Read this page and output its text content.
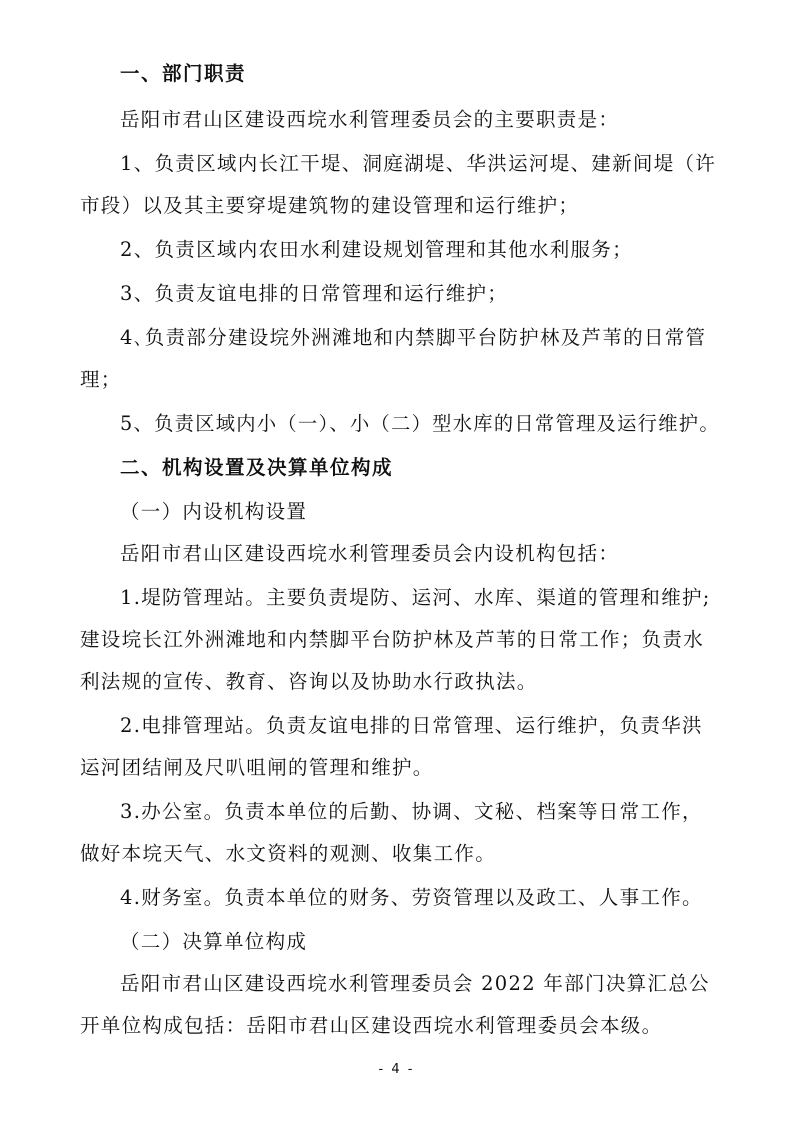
一、部门职责
岳阳市君山区建设西垸水利管理委员会的主要职责是：
1、负责区域内长江干堤、洞庭湖堤、华洪运河堤、建新间堤（许
市段）以及其主要穿堤建筑物的建设管理和运行维护；
2、负责区域内农田水利建设规划管理和其他水利服务；
3、负责友谊电排的日常管理和运行维护；
4､负责部分建设垸外洲滩地和内禁脚平台防护林及芦苇的日常管
理；
5、负责区域内小（一）、小（二）型水库的日常管理及运行维护。
二、机构设置及决算单位构成
（一）内设机构设置
岳阳市君山区建设西垸水利管理委员会内设机构包括：
1.堤防管理站。主要负责堤防、运河、水库、渠道的管理和维护;
建设垸长江外洲滩地和内禁脚平台防护林及芦苇的日常工作；负责水
利法规的宣传、教育、咨询以及协助水行政执法。
2.电排管理站。负责友谊电排的日常管理、运行维护，负责华洪
运河团结闸及尺叭咀闸的管理和维护。
3.办公室。负责本单位的后勤、协调、文秘、档案等日常工作，
做好本垸天气、水文资料的观测、收集工作。
4.财务室。负责本单位的财务、劳资管理以及政工、人事工作。
（二）决算单位构成
岳阳市君山区建设西垸水利管理委员会 2022 年部门决算汇总公
开单位构成包括：岳阳市君山区建设西垸水利管理委员会本级。
- 4 -
